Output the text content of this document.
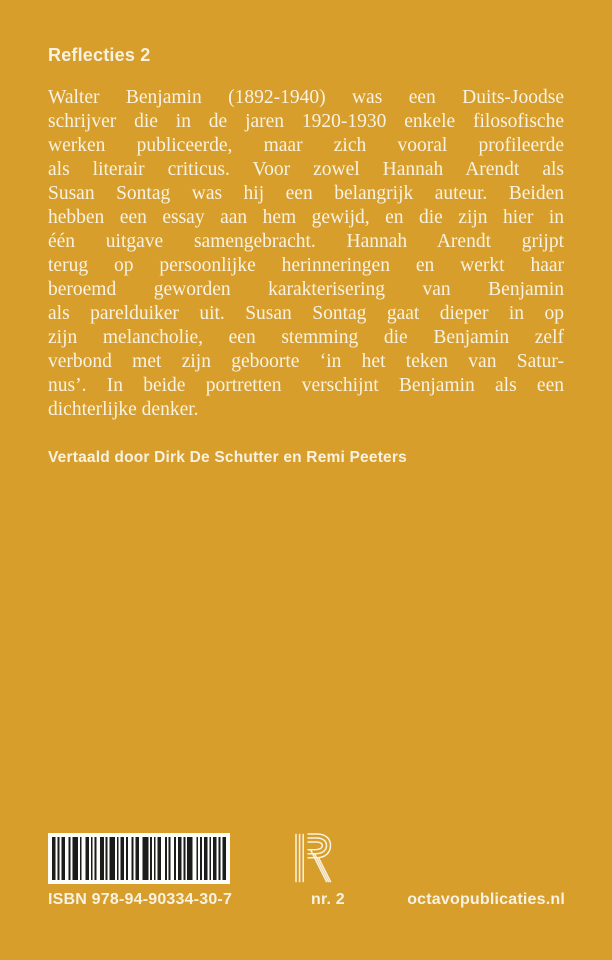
Reflecties 2
Walter Benjamin (1892-1940) was een Duits-Joodse
schrijver die in de jaren 1920-1930 enkele filosofische
werken publiceerde, maar zich vooral profileerde
als literair criticus. Voor zowel Hannah Arendt als
Susan Sontag was hij een belangrijk auteur. Beiden
hebben een essay aan hem gewijd, en die zijn hier in
één uitgave samengebracht. Hannah Arendt grijpt
terug op persoonlijke herinneringen en werkt haar
beroemd geworden karakterisering van Benjamin
als parelduiker uit. Susan Sontag gaat dieper in op
zijn melancholie, een stemming die Benjamin zelf
verbond met zijn geboorte ‘in het teken van Satur-
nus’. In beide portretten verschijnt Benjamin als een
dichterlijke denker.
Vertaald door Dirk De Schutter en Remi Peeters
ISBN 978-94-90334-30-7	nr. 2	octavopublicaties.nl
